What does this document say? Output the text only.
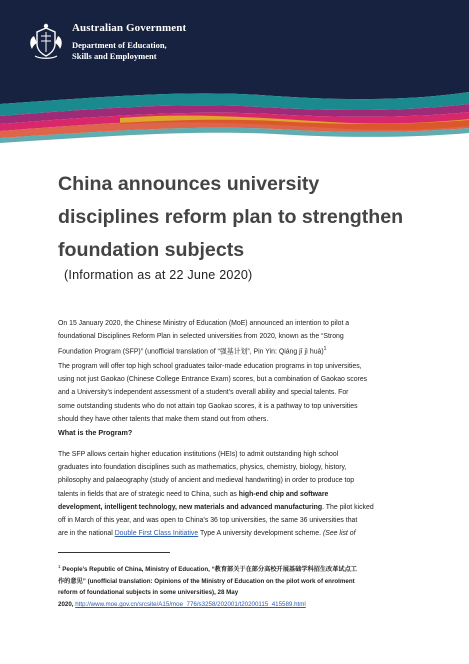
Australian Government
Department of Education,
Skills and Employment
China announces university
disciplines reform plan to strengthen
foundation subjects
(Information as at 22 June 2020)
On 15 January 2020, the Chinese Ministry of Education (MoE) announced an intention to pilot a
foundational Disciplines Reform Plan in selected universities from 2020, known as the “Strong
Foundation Program (SFP)” (unofficial translation of “强基计划”, Pin Yin: Qiáng jī jì huà)$^1$
The program will offer top high school graduates tailor-made education programs in top universities,
using not just Gaokao (Chinese College Entrance Exam) scores, but a combination of Gaokao scores
and a University’s independent assessment of a student’s overall ability and special talents. For
some outstanding students who do not attain top Gaokao scores, it is a pathway to top universities
should they have other talents that make them stand out from others.
What is the Program?
The SFP allows certain higher education institutions (HEIs) to admit outstanding high school
graduates into foundation disciplines such as mathematics, physics, chemistry, biology, history,
philosophy and palaeography (study of ancient and medieval handwriting) in order to produce top
talents in fields that are of strategic need to China, such as high-end chip and software
development, intelligent technology, new materials and advanced manufacturing. The pilot kicked
off in March of this year, and was open to China’s 36 top universities, the same 36 universities that
are in the national Double First Class Initiative Type A university development scheme. (See list of
$^1$ People’s Republic of China, Ministry of Education, “教育部关于在部分高校开展基础学科招生改革试点工
作的意见” (unofficial translation: Opinions of the Ministry of Education on the pilot work of enrolment
reform of foundational subjects in some universities), 28 May
2020, http://www.moe.gov.cn/srcsite/A15/moe_776/s3258/202001/t20200115_415589.html
